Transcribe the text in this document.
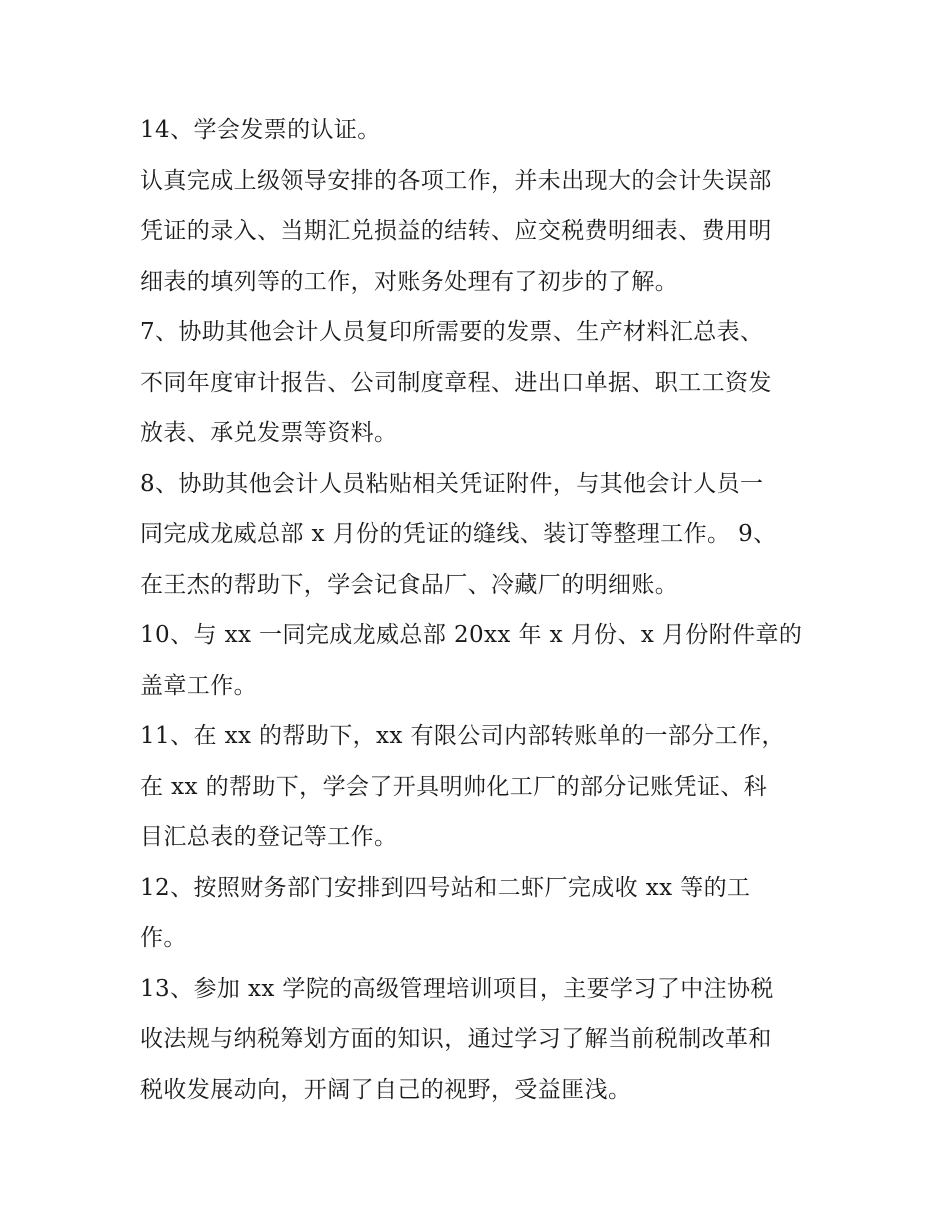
14、学会发票的认证。
认真完成上级领导安排的各项工作，并未出现大的会计失误部
凭证的录入、当期汇兑损益的结转、应交税费明细表、费用明
细表的填列等的工作，对账务处理有了初步的了解。
7、协助其他会计人员复印所需要的发票、生产材料汇总表、
不同年度审计报告、公司制度章程、进出口单据、职工工资发
放表、承兑发票等资料。
8、协助其他会计人员粘贴相关凭证附件，与其他会计人员一
同完成龙威总部 x 月份的凭证的缝线、装订等整理工作。 9、
在王杰的帮助下，学会记食品厂、冷藏厂的明细账。
10、与 xx 一同完成龙威总部 20xx 年 x 月份、x 月份附件章的
盖章工作。
11、在 xx 的帮助下，xx 有限公司内部转账单的一部分工作，
在 xx 的帮助下，学会了开具明帅化工厂的部分记账凭证、科
目汇总表的登记等工作。
12、按照财务部门安排到四号站和二虾厂完成收 xx 等的工
作。
13、参加 xx 学院的高级管理培训项目，主要学习了中注协税
收法规与纳税筹划方面的知识，通过学习了解当前税制改革和
税收发展动向，开阔了自己的视野，受益匪浅。
